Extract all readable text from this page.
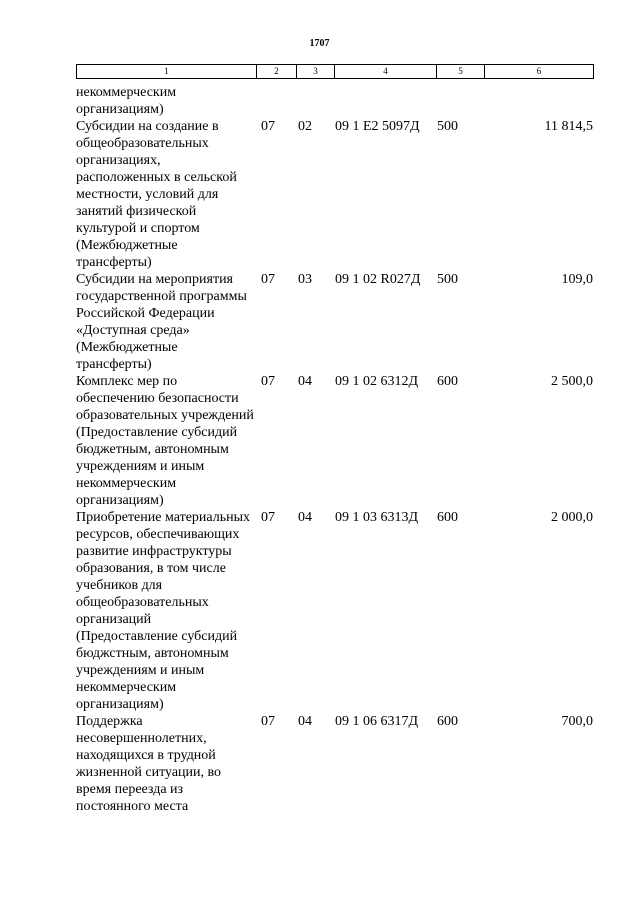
1707
1	2	3	4	5	6
некоммерческим организациям)					
Субсидии на создание в общеобразовательных организациях, расположенных в сельской местности, условий для занятий физической культурой и спортом (Межбюджетные трансферты)	07	02	09 1 E2 5097Д	500	11 814,5
Субсидии на мероприятия государственной программы Российской Федерации «Доступная среда» (Межбюджетные трансферты)	07	03	09 1 02 R027Д	500	109,0
Комплекс мер по обеспечению безопасности образовательных учреждений (Предоставление субсидий бюджетным, автономным учреждениям и иным некоммерческим организациям)	07	04	09 1 02 6312Д	600	2 500,0
Приобретение материальных ресурсов, обеспечивающих развитие инфраструктуры образования, в том числе учебников для общеобразовательных организаций (Предоставление субсидий бюджстным, автономным учреждениям и иным некоммерческим организациям)	07	04	09 1 03 6313Д	600	2 000,0
Поддержка несовершеннолетних, находящихся в трудной жизненной ситуации, во время переезда из постоянного места	07	04	09 1 06 6317Д	600	700,0
